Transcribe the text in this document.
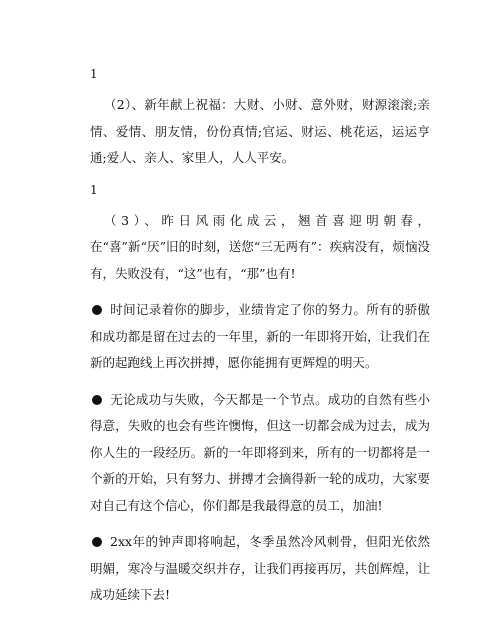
1

（2）、新年献上祝福：大财、小财、意外财，财源滚滚;亲情、爱情、朋友情，份份真情;官运、财运、桃花运，运运亨通;爱人、亲人、家里人，人人平安。

1

（3）、昨日风雨化成云，翘首喜迎明朝春，在“喜”新“厌”旧的时刻，送您“三无两有”：疾病没有，烦恼没有，失败没有，“这”也有，“那”也有!

时间记录着你的脚步，业绩肯定了你的努力。所有的骄傲和成功都是留在过去的一年里，新的一年即将开始，让我们在新的起跑线上再次拼搏，愿你能拥有更辉煌的明天。

无论成功与失败，今天都是一个节点。成功的自然有些小得意，失败的也会有些许懊悔，但这一切都会成为过去，成为你人生的一段经历。新的一年即将到来，所有的一切都将是一个新的开始，只有努力、拼搏才会摘得新一轮的成功，大家要对自己有这个信心，你们都是我最得意的员工，加油!

2xx年的钟声即将响起，冬季虽然冷风刺骨，但阳光依然明媚，寒冷与温暖交织并存，让我们再接再厉，共创辉煌，让成功延续下去!
